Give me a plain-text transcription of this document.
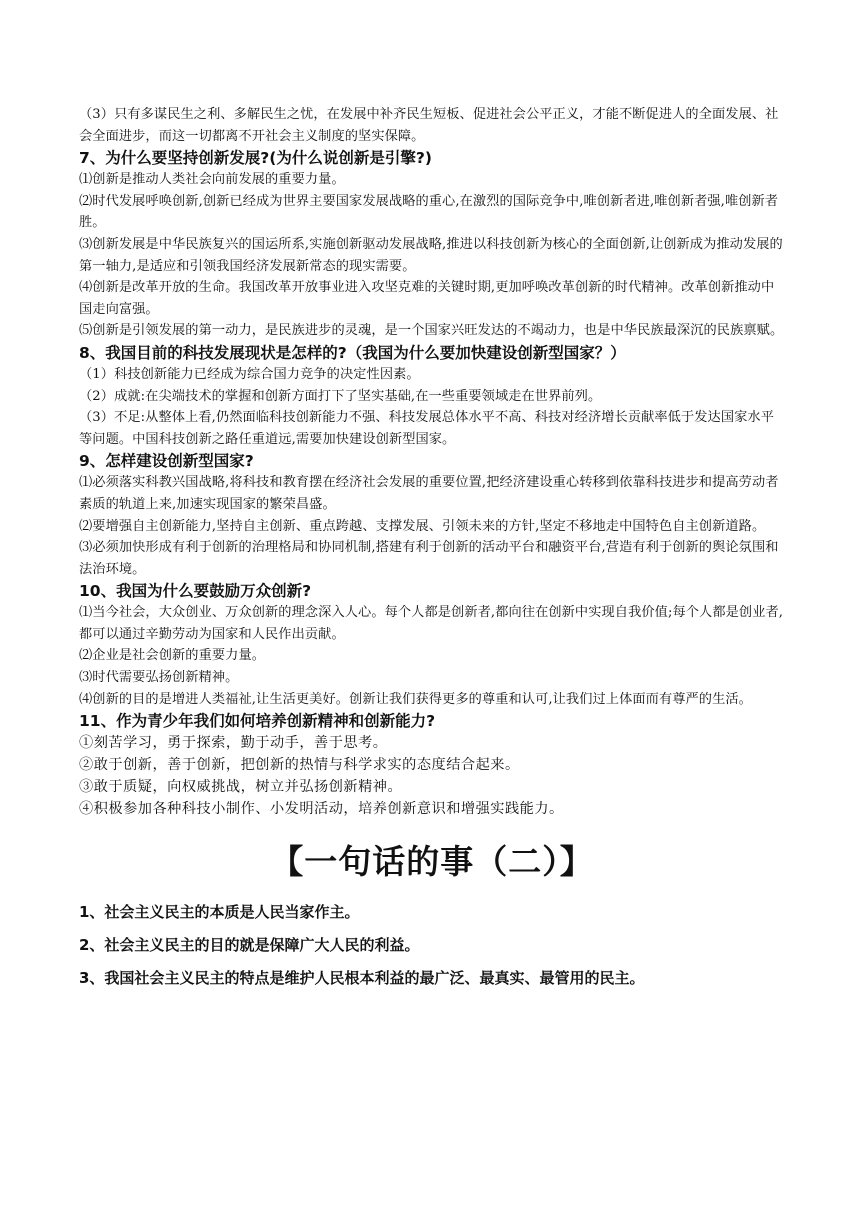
（3）只有多谋民生之利、多解民生之忧，在发展中补齐民生短板、促进社会公平正义，才能不断促进人的全面发展、社会全面进步，而这一切都离不开社会主义制度的坚实保障。

7、为什么要坚持创新发展?(为什么说创新是引擎?)

⑴创新是推动人类社会向前发展的重要力量。

⑵时代发展呼唤创新,创新已经成为世界主要国家发展战略的重心,在激烈的国际竞争中,唯创新者进,唯创新者强,唯创新者胜。

⑶创新发展是中华民族复兴的国运所系,实施创新驱动发展战略,推进以科技创新为核心的全面创新,让创新成为推动发展的第一轴力,是适应和引领我国经济发展新常态的现实需要。

⑷创新是改革开放的生命。我国改革开放事业进入攻坚克难的关键时期,更加呼唤改革创新的时代精神。改革创新推动中国走向富强。

⑸创新是引领发展的第一动力，是民族进步的灵魂，是一个国家兴旺发达的不竭动力，也是中华民族最深沉的民族禀赋。

8、我国目前的科技发展现状是怎样的?（我国为什么要加快建设创新型国家？）

（1）科技创新能力已经成为综合国力竞争的决定性因素。

（2）成就:在尖端技术的掌握和创新方面打下了坚实基础,在一些重要领域走在世界前列。

（3）不足:从整体上看,仍然面临科技创新能力不强、科技发展总体水平不高、科技对经济增长贡献率低于发达国家水平等问题。中国科技创新之路任重道远,需要加快建设创新型国家。

9、怎样建设创新型国家?

⑴必须落实科教兴国战略,将科技和教育摆在经济社会发展的重要位置,把经济建设重心转移到依靠科技进步和提高劳动者素质的轨道上来,加速实现国家的繁荣昌盛。

⑵要增强自主创新能力,坚持自主创新、重点跨越、支撑发展、引领未来的方针,坚定不移地走中国特色自主创新道路。

⑶必须加快形成有利于创新的治理格局和协同机制,搭建有利于创新的活动平台和融资平台,营造有利于创新的舆论氛围和法治环境。

10、我国为什么要鼓励万众创新?

⑴当今社会，大众创业、万众创新的理念深入人心。每个人都是创新者,都向往在创新中实现自我价值;每个人都是创业者,都可以通过辛勤劳动为国家和人民作出贡献。

⑵企业是社会创新的重要力量。

⑶时代需要弘扬创新精神。

⑷创新的目的是增进人类福祉,让生活更美好。创新让我们获得更多的尊重和认可,让我们过上体面而有尊严的生活。

11、作为青少年我们如何培养创新精神和创新能力?

①刻苦学习，勇于探索，勤于动手，善于思考。

②敢于创新，善于创新，把创新的热情与科学求实的态度结合起来。

③敢于质疑，向权威挑战，树立并弘扬创新精神。

④积极参加各种科技小制作、小发明活动，培养创新意识和增强实践能力。

【一句话的事（二）】

1、社会主义民主的本质是人民当家作主。

2、社会主义民主的目的就是保障广大人民的利益。

3、我国社会主义民主的特点是维护人民根本利益的最广泛、最真实、最管用的民主。
